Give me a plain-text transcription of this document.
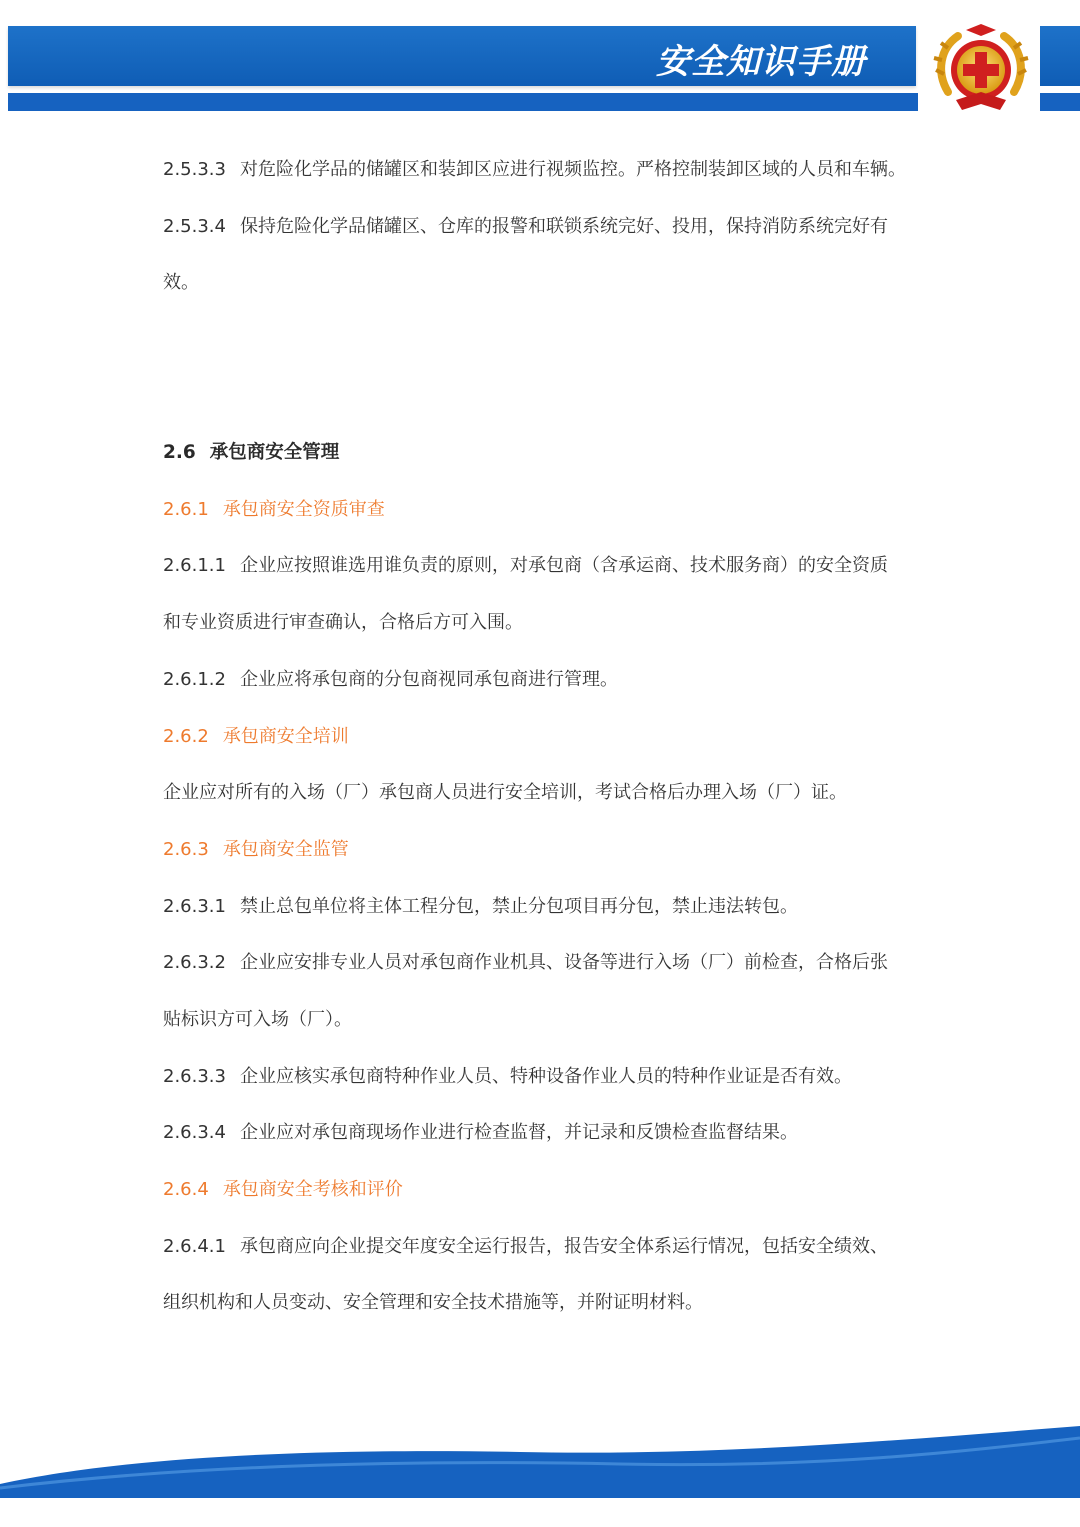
安全知识手册

2.5.3.3 对危险化学品的储罐区和装卸区应进行视频监控。严格控制装卸区域的人员和车辆。

2.5.3.4 保持危险化学品储罐区、仓库的报警和联锁系统完好、投用，保持消防系统完好有

效。

2.6 承包商安全管理

2.6.1 承包商安全资质审查

2.6.1.1 企业应按照谁选用谁负责的原则，对承包商（含承运商、技术服务商）的安全资质

和专业资质进行审查确认，合格后方可入围。

2.6.1.2 企业应将承包商的分包商视同承包商进行管理。

2.6.2 承包商安全培训

企业应对所有的入场（厂）承包商人员进行安全培训，考试合格后办理入场（厂）证。

2.6.3 承包商安全监管

2.6.3.1 禁止总包单位将主体工程分包，禁止分包项目再分包，禁止违法转包。

2.6.3.2 企业应安排专业人员对承包商作业机具、设备等进行入场（厂）前检查，合格后张

贴标识方可入场（厂）。

2.6.3.3 企业应核实承包商特种作业人员、特种设备作业人员的特种作业证是否有效。

2.6.3.4 企业应对承包商现场作业进行检查监督，并记录和反馈检查监督结果。

2.6.4 承包商安全考核和评价

2.6.4.1 承包商应向企业提交年度安全运行报告，报告安全体系运行情况，包括安全绩效、

组织机构和人员变动、安全管理和安全技术措施等，并附证明材料。
